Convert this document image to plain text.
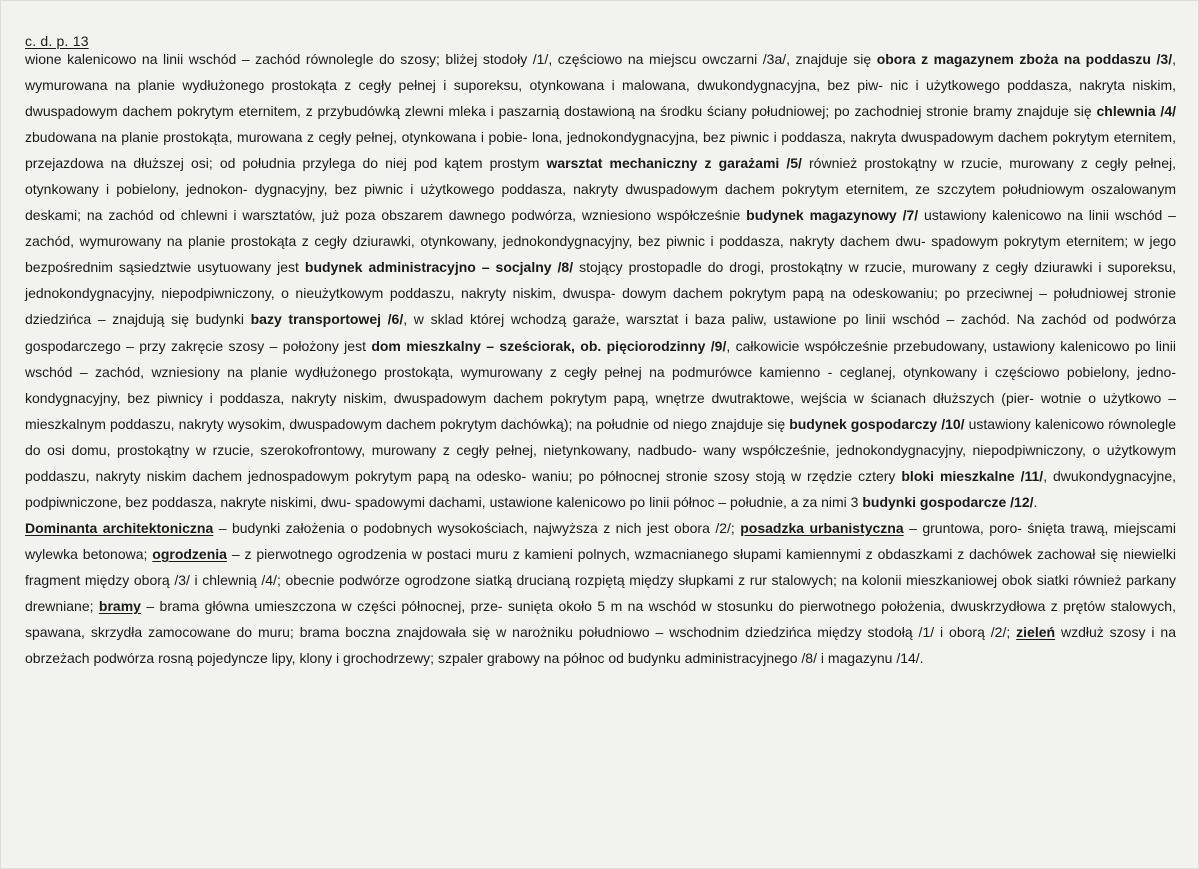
c. d. p. 13

wione kalenicowo na linii wschód – zachód równolegle do szosy; bliżej stodoły /1/, częściowo na miejscu owczarni /3a/, znajduje się obora z magazynem zboża na poddaszu /3/, wymurowana na planie wydłużonego prostokąta z cegły pełnej i suporeksu, otynkowana i malowana, dwukondygnacyjna, bez piw- nic i użytkowego poddasza, nakryta niskim, dwuspadowym dachem pokrytym eternitem, z przybudówką zlewni mleka i paszarnią dostawioną na środku ściany południowej; po zachodniej stronie bramy znajduje się chlewnia /4/ zbudowana na planie prostokąta, murowana z cegły pełnej, otynkowana i pobie- lona, jednokondygnacyjna, bez piwnic i poddasza, nakryta dwuspadowym dachem pokrytym eternitem, przejazdowa na dłuższej osi; od południa przylega do niej pod kątem prostym warsztat mechaniczny z garażami /5/ również prostokątny w rzucie, murowany z cegły pełnej, otynkowany i pobielony, jednokon- dygnacyjny, bez piwnic i użytkowego poddasza, nakryty dwuspadowym dachem pokrytym eternitem, ze szczytem południowym oszalowanym deskami; na zachód od chlewni i warsztatów, już poza obszarem dawnego podwórza, wzniesiono współcześnie budynek magazynowy /7/ ustawiony kalenicowo na linii wschód – zachód, wymurowany na planie prostokąta z cegły dziurawki, otynkowany, jednokondygnacyjny, bez piwnic i poddasza, nakryty dachem dwu- spadowym pokrytym eternitem; w jego bezpośrednim sąsiedztwie usytuowany jest budynek administracyjno – socjalny /8/ stojący prostopadle do drogi, prostokątny w rzucie, murowany z cegły dziurawki i suporeksu, jednokondygnacyjny, niepodpiwniczony, o nieużytkowym poddaszu, nakryty niskim, dwuspa- dowym dachem pokrytym papą na odeskowaniu; po przeciwnej – południowej stronie dziedzińca – znajdują się budynki bazy transportowej /6/, w sklad której wchodzą garaże, warsztat i baza paliw, ustawione po linii wschód – zachód. Na zachód od podwórza gospodarczego – przy zakręcie szosy – położony jest dom mieszkalny – sześciorak, ob. pięciorodzinny /9/, całkowicie współcześnie przebudowany, ustawiony kalenicowo po linii wschód – zachód, wzniesiony na planie wydłużonego prostokąta, wymurowany z cegły pełnej na podmurówce kamienno - ceglanej, otynkowany i częściowo pobielony, jedno- kondygnacyjny, bez piwnicy i poddasza, nakryty niskim, dwuspadowym dachem pokrytym papą, wnętrze dwutraktowe, wejścia w ścianach dłuższych (pier- wotnie o użytkowo – mieszkalnym poddaszu, nakryty wysokim, dwuspadowym dachem pokrytym dachówką); na południe od niego znajduje się budynek gospodarczy /10/ ustawiony kalenicowo równolegle do osi domu, prostokątny w rzucie, szerokofrontowy, murowany z cegły pełnej, nietynkowany, nadbudo- wany współcześnie, jednokondygnacyjny, niepodpiwniczony, o użytkowym poddaszu, nakryty niskim dachem jednospadowym pokrytym papą na odesko- waniu; po północnej stronie szosy stoją w rzędzie cztery bloki mieszkalne /11/, dwukondygnacyjne, podpiwniczone, bez poddasza, nakryte niskimi, dwu- spadowymi dachami, ustawione kalenicowo po linii północ – południe, a za nimi 3 budynki gospodarcze /12/.

Dominanta architektoniczna – budynki założenia o podobnych wysokościach, najwyższa z nich jest obora /2/; posadzka urbanistyczna – gruntowa, poro- śnięta trawą, miejscami wylewka betonowa; ogrodzenia – z pierwotnego ogrodzenia w postaci muru z kamieni polnych, wzmacnianego słupami kamiennymi z obdaszkami z dachówek zachował się niewielki fragment między oborą /3/ i chlewnią /4/; obecnie podwórze ogrodzone siatką drucianą rozpiętą między słupkami z rur stalowych; na kolonii mieszkaniowej obok siatki również parkany drewniane; bramy – brama główna umieszczona w części północnej, prze- sunięta około 5 m na wschód w stosunku do pierwotnego położenia, dwuskrzydłowa z prętów stalowych, spawana, skrzydła zamocowane do muru; brama boczna znajdowała się w narożniku południowo – wschodnim dziedzińca między stodołą /1/ i oborą /2/; zieleń wzdłuż szosy i na obrzeżach podwórza rosną pojedyncze lipy, klony i grochodrzewy; szpaler grabowy na północ od budynku administracyjnego /8/ i magazynu /14/.
